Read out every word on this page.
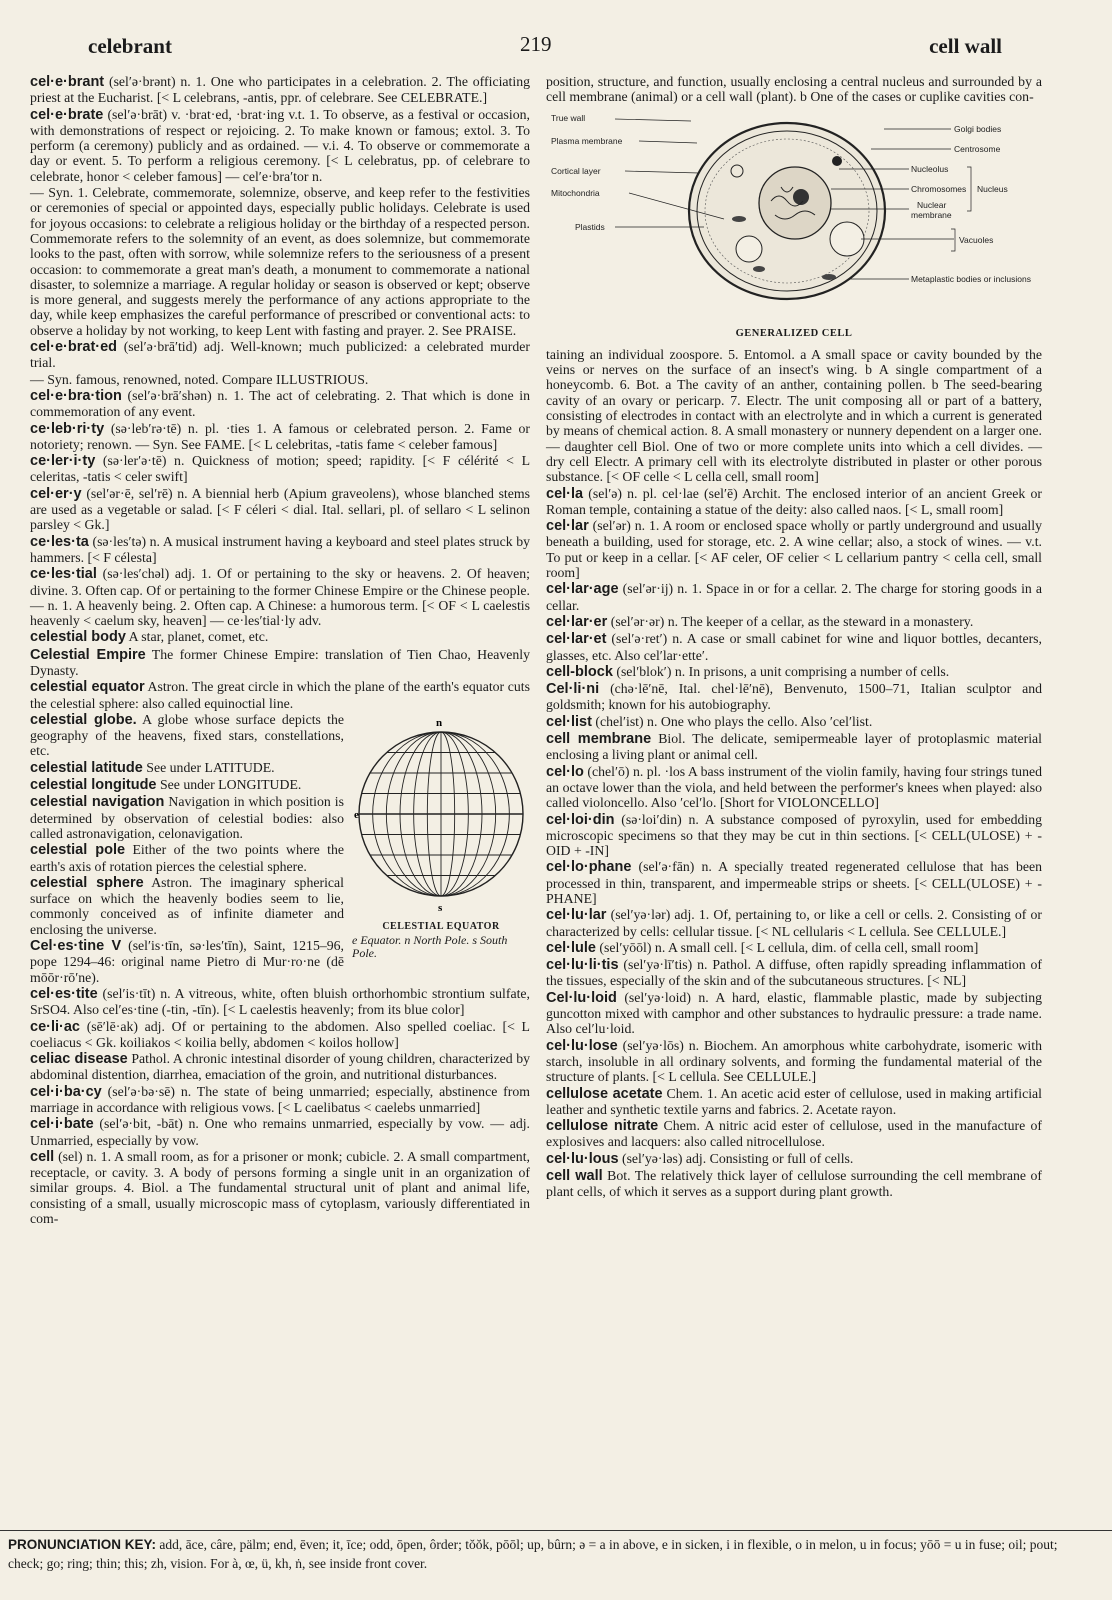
celebrant	219	cell wall
cel·e·brant (sel′ə·brənt) n. 1. One who participates in a celebration. 2. The officiating priest at the Eucharist. [< L celebrans, -antis, ppr. of celebrare. See CELEBRATE.]
cel·e·brate (sel′ə·brāt) v. ·brat·ed, ·brat·ing v.t. 1. To observe, as a festival or occasion, with demonstrations of respect or rejoicing. 2. To make known or famous; extol. 3. To perform (a ceremony) publicly and as ordained. — v.i. 4. To observe or commemorate a day or event. 5. To perform a religious ceremony. [< L celebratus, pp. of celebrare to celebrate, honor < celeber famous] — cel′e·bra′tor n.
— Syn. 1. Celebrate, commemorate, solemnize, observe, and keep refer to the festivities or ceremonies of special or appointed days, especially public holidays. Celebrate is used for joyous occasions: to celebrate a religious holiday or the birthday of a respected person. Commemorate refers to the solemnity of an event, as does solemnize, but commemorate looks to the past, often with sorrow, while solemnize refers to the seriousness of a present occasion: to commemorate a great man's death, a monument to commemorate a national disaster, to solemnize a marriage. A regular holiday or season is observed or kept; observe is more general, and suggests merely the performance of any actions appropriate to the day, while keep emphasizes the careful performance of prescribed or conventional acts: to observe a holiday by not working, to keep Lent with fasting and prayer. 2. See PRAISE.
cel·e·brat·ed (sel′ə·brā′tid) adj. Well-known; much publicized: a celebrated murder trial.
— Syn. famous, renowned, noted. Compare ILLUSTRIOUS.
cel·e·bra·tion (sel′ə·brā′shən) n. 1. The act of celebrating. 2. That which is done in commemoration of any event.
ce·leb·ri·ty (sə·leb′rə·tē) n. pl. ·ties 1. A famous or celebrated person. 2. Fame or notoriety; renown. — Syn. See FAME. [< L celebritas, -tatis fame < celeber famous]
ce·ler·i·ty (sə·ler′ə·tē) n. Quickness of motion; speed; rapidity. [< F célérité < L celeritas, -tatis < celer swift]
cel·er·y (sel′ər·ē, sel′rē) n. A biennial herb (Apium graveolens), whose blanched stems are used as a vegetable or salad. [< F céleri < dial. Ital. sellari, pl. of sellaro < L selinon parsley < Gk.]
ce·les·ta (sə·les′tə) n. A musical instrument having a keyboard and steel plates struck by hammers. [< F célesta]
ce·les·tial (sə·les′chəl) adj. 1. Of or pertaining to the sky or heavens. 2. Of heaven; divine. 3. Often cap. Of or pertaining to the former Chinese Empire or the Chinese people. — n. 1. A heavenly being. 2. Often cap. A Chinese: a humorous term. [< OF < L caelestis heavenly < caelum sky, heaven] — ce·les′tial·ly adv.
celestial body A star, planet, comet, etc.
Celestial Empire The former Chinese Empire: translation of Tien Chao, Heavenly Dynasty.
celestial equator Astron. The great circle in which the plane of the earth's equator cuts the celestial sphere: also called equinoctial line.
n
e
s
CELESTIAL EQUATOR
e Equator. n North Pole. s South Pole.
celestial globe. A globe whose surface depicts the geography of the heavens, fixed stars, constellations, etc.
celestial latitude See under LATITUDE.
celestial longitude See under LONGITUDE.
celestial navigation Navigation in which position is determined by observation of celestial bodies: also called astronavigation, celonavigation.
celestial pole Either of the two points where the earth's axis of rotation pierces the celestial sphere.
celestial sphere Astron. The imaginary spherical surface on which the heavenly bodies seem to lie, commonly conceived as of infinite diameter and enclosing the universe.
Cel·es·tine V (sel′is·tīn, sə·les′tīn), Saint, 1215–96, pope 1294–46: original name Pietro di Mur·ro·ne (dē mōōr·rō′ne).
cel·es·tite (sel′is·tīt) n. A vitreous, white, often bluish orthorhombic strontium sulfate, SrSO4. Also cel′es·tine (-tin, -tīn). [< L caelestis heavenly; from its blue color]
ce·li·ac (sē′lē·ak) adj. Of or pertaining to the abdomen. Also spelled coeliac. [< L coeliacus < Gk. koiliakos < koilia belly, abdomen < koilos hollow]
celiac disease Pathol. A chronic intestinal disorder of young children, characterized by abdominal distention, diarrhea, emaciation of the groin, and nutritional disturbances.
cel·i·ba·cy (sel′ə·bə·sē) n. The state of being unmarried; especially, abstinence from marriage in accordance with religious vows. [< L caelibatus < caelebs unmarried]
cel·i·bate (sel′ə·bit, -bāt) n. One who remains unmarried, especially by vow. — adj. Unmarried, especially by vow.
cell (sel) n. 1. A small room, as for a prisoner or monk; cubicle. 2. A small compartment, receptacle, or cavity. 3. A body of persons forming a single unit in an organization of similar groups. 4. Biol. a The fundamental structural unit of plant and animal life, consisting of a small, usually microscopic mass of cytoplasm, variously differentiated in com-
position, structure, and function, usually enclosing a central nucleus and surrounded by a cell membrane (animal) or a cell wall (plant). b One of the cases or cuplike cavities con-
True wall
Plasma membrane
Cortical layer
Mitochondria
Plastids
Golgi bodies
Centrosome
Nucleolus
Chromosomes
Nuclear
membrane
Nucleus
Vacuoles
Metaplastic bodies or inclusions
GENERALIZED CELL
taining an individual zoospore. 5. Entomol. a A small space or cavity bounded by the veins or nerves on the surface of an insect's wing. b A single compartment of a honeycomb. 6. Bot. a The cavity of an anther, containing pollen. b The seed-bearing cavity of an ovary or pericarp. 7. Electr. The unit composing all or part of a battery, consisting of electrodes in contact with an electrolyte and in which a current is generated by means of chemical action. 8. A small monastery or nunnery dependent on a larger one. — daughter cell Biol. One of two or more complete units into which a cell divides. — dry cell Electr. A primary cell with its electrolyte distributed in plaster or other porous substance. [< OF celle < L cella cell, small room]
cel·la (sel′ə) n. pl. cel·lae (sel′ē) Archit. The enclosed interior of an ancient Greek or Roman temple, containing a statue of the deity: also called naos. [< L, small room]
cel·lar (sel′ər) n. 1. A room or enclosed space wholly or partly underground and usually beneath a building, used for storage, etc. 2. A wine cellar; also, a stock of wines. — v.t. To put or keep in a cellar. [< AF celer, OF celier < L cellarium pantry < cella cell, small room]
cel·lar·age (sel′ər·ij) n. 1. Space in or for a cellar. 2. The charge for storing goods in a cellar.
cel·lar·er (sel′ər·ər) n. The keeper of a cellar, as the steward in a monastery.
cel·lar·et (sel′ə·ret′) n. A case or small cabinet for wine and liquor bottles, decanters, glasses, etc. Also cel′lar·ette′.
cell-block (sel′blok′) n. In prisons, a unit comprising a number of cells.
Cel·li·ni (chə·lē′nē, Ital. chel·lē′nē), Benvenuto, 1500–71, Italian sculptor and goldsmith; known for his autobiography.
cel·list (chel′ist) n. One who plays the cello. Also ′cel′list.
cell membrane Biol. The delicate, semipermeable layer of protoplasmic material enclosing a living plant or animal cell.
cel·lo (chel′ō) n. pl. ·los A bass instrument of the violin family, having four strings tuned an octave lower than the viola, and held between the performer's knees when played: also called violoncello. Also ′cel′lo. [Short for VIOLONCELLO]
cel·loi·din (sə·loi′din) n. A substance composed of pyroxylin, used for embedding microscopic specimens so that they may be cut in thin sections. [< CELL(ULOSE) + -OID + -IN]
cel·lo·phane (sel′ə·fān) n. A specially treated regenerated cellulose that has been processed in thin, transparent, and impermeable strips or sheets. [< CELL(ULOSE) + -PHANE]
cel·lu·lar (sel′yə·lər) adj. 1. Of, pertaining to, or like a cell or cells. 2. Consisting of or characterized by cells: cellular tissue. [< NL cellularis < L cellula. See CELLULE.]
cel·lule (sel′yōōl) n. A small cell. [< L cellula, dim. of cella cell, small room]
cel·lu·li·tis (sel′yə·lī′tis) n. Pathol. A diffuse, often rapidly spreading inflammation of the tissues, especially of the skin and of the subcutaneous structures. [< NL]
Cel·lu·loid (sel′yə·loid) n. A hard, elastic, flammable plastic, made by subjecting guncotton mixed with camphor and other substances to hydraulic pressure: a trade name. Also cel′lu·loid.
cel·lu·lose (sel′yə·lōs) n. Biochem. An amorphous white carbohydrate, isomeric with starch, insoluble in all ordinary solvents, and forming the fundamental material of the structure of plants. [< L cellula. See CELLULE.]
cellulose acetate Chem. 1. An acetic acid ester of cellulose, used in making artificial leather and synthetic textile yarns and fabrics. 2. Acetate rayon.
cellulose nitrate Chem. A nitric acid ester of cellulose, used in the manufacture of explosives and lacquers: also called nitrocellulose.
cel·lu·lous (sel′yə·ləs) adj. Consisting or full of cells.
cell wall Bot. The relatively thick layer of cellulose surrounding the cell membrane of plant cells, of which it serves as a support during plant growth.
PRONUNCIATION KEY: add, āce, câre, pälm; end, ēven; it, īce; odd, ōpen, ôrder; tŏŏk, pōōl; up, bûrn; ə = a in above, e in sicken, i in flexible, o in melon, u in focus; yōō = u in fuse; oil; pout; check; go; ring; thin; this; zh, vision. For à, œ, ü, kh, ṅ, see inside front cover.
